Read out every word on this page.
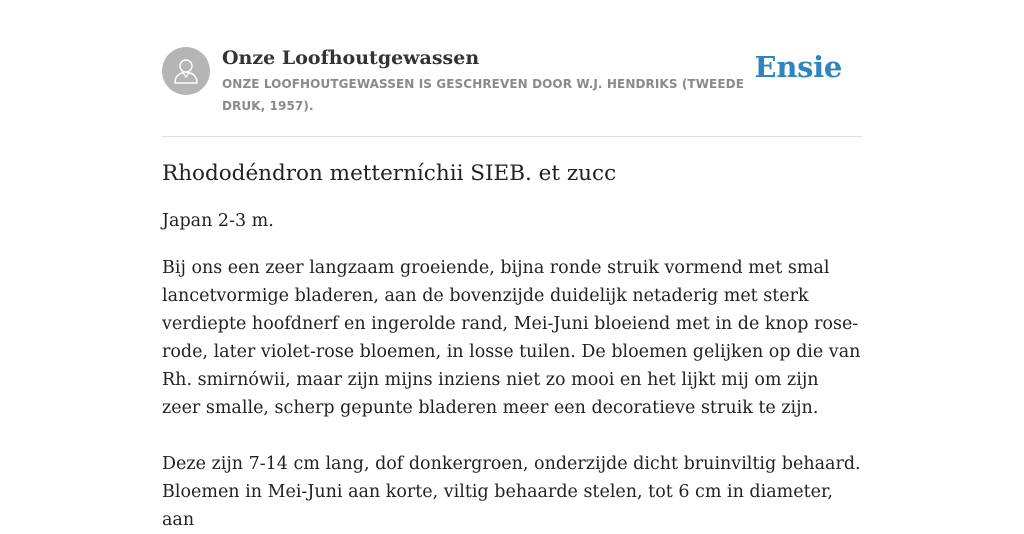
Onze Loofhoutgewassen
ONZE LOOFHOUTGEWASSEN IS GESCHREVEN DOOR W.J. HENDRIKS (TWEEDE DRUK, 1957).
Ensie
Rhododéndron metterníchii SIEB. et zucc

Japan 2-3 m.

Bij ons een zeer langzaam groeiende, bijna ronde struik vormend met smal lancetvormige bladeren, aan de bovenzijde duidelijk netaderig met sterk verdiepte hoofdnerf en ingerolde rand, Mei-Juni bloeiend met in de knop rose-rode, later violet-rose bloemen, in losse tuilen. De bloemen gelijken op die van Rh. smirnówii, maar zijn mijns inziens niet zo mooi en het lijkt mij om zijn zeer smalle, scherp gepunte bladeren meer een decoratieve struik te zijn.

Deze zijn 7-14 cm lang, dof donkergroen, onderzijde dicht bruinviltig behaard. Bloemen in Mei-Juni aan korte, viltig behaarde stelen, tot 6 cm in diameter, aan
